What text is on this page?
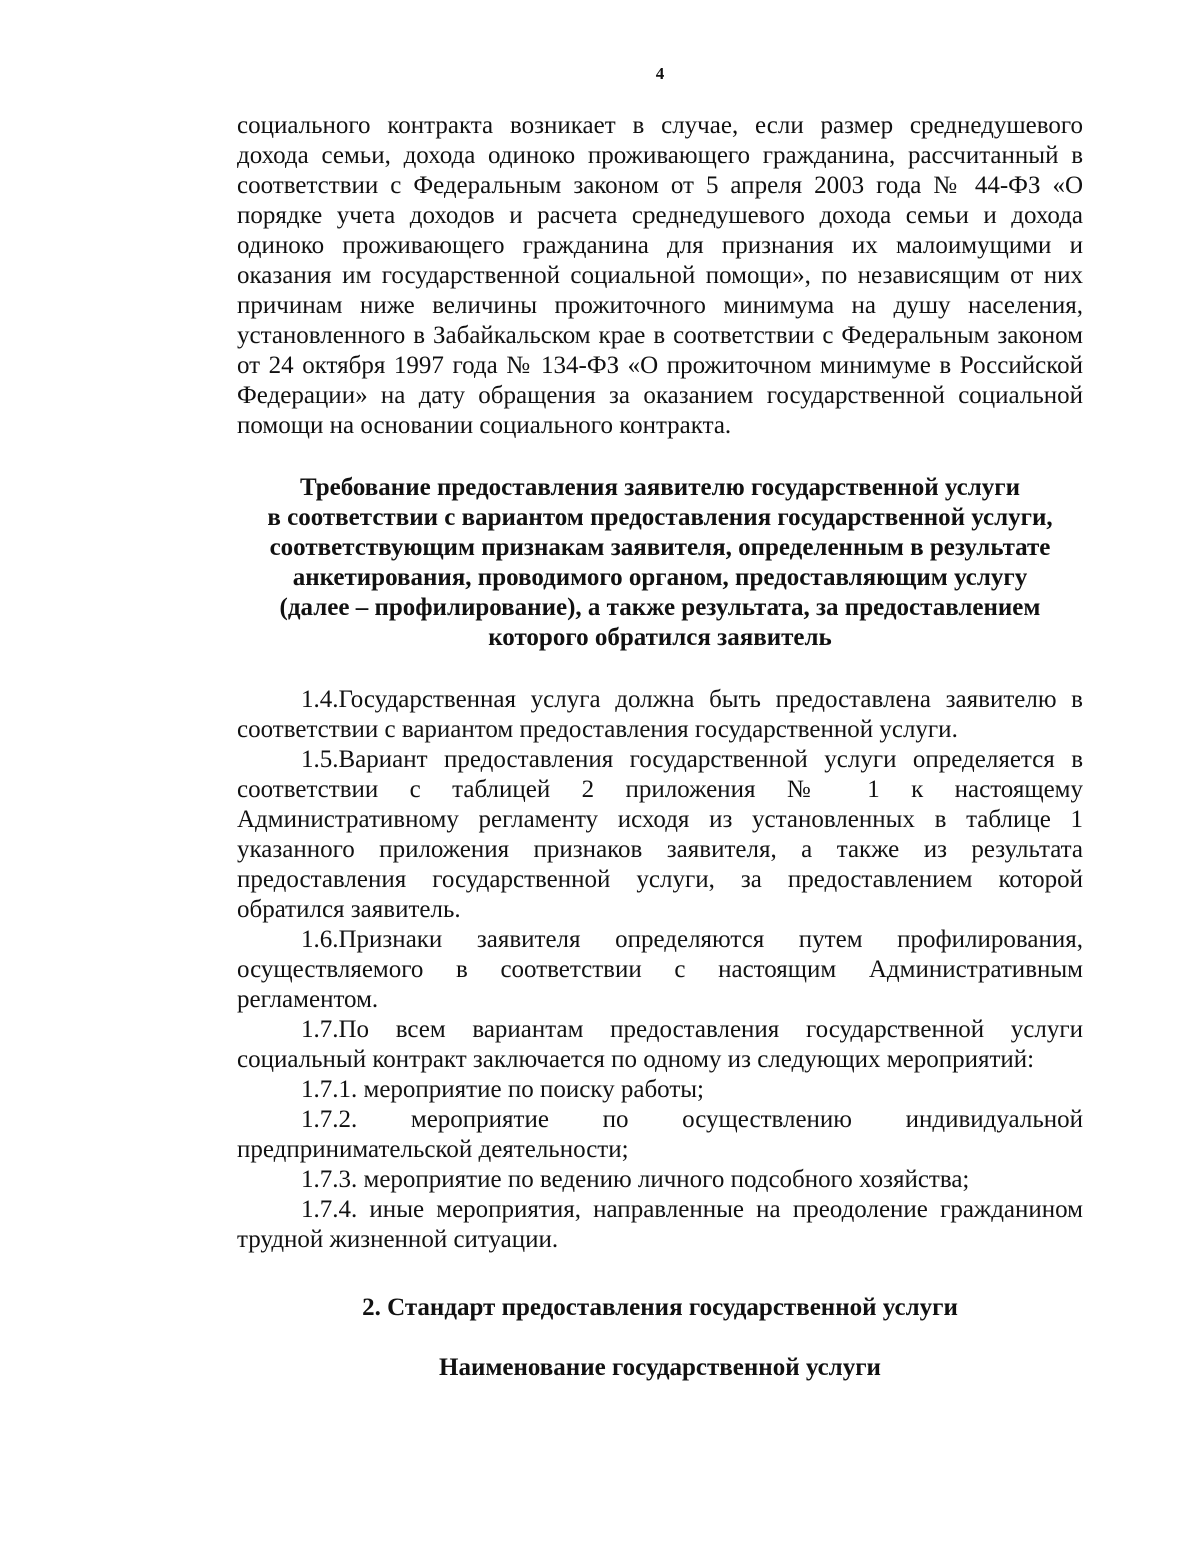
4

социального контракта возникает в случае, если размер среднедушевого дохода семьи, дохода одиноко проживающего гражданина, рассчитанный в соответствии с Федеральным законом от 5 апреля 2003 года № 44-ФЗ «О порядке учета доходов и расчета среднедушевого дохода семьи и дохода одиноко проживающего гражданина для признания их малоимущими и оказания им государственной социальной помощи», по независящим от них причинам ниже величины прожиточного минимума на душу населения, установленного в Забайкальском крае в соответствии с Федеральным законом от 24 октября 1997 года № 134-ФЗ «О прожиточном минимуме в Российской Федерации» на дату обращения за оказанием государственной социальной помощи на основании социального контракта.

Требование предоставления заявителю государственной услуги

в соответствии с вариантом предоставления государственной услуги,

соответствующим признакам заявителя, определенным в результате

анкетирования, проводимого органом, предоставляющим услугу

(далее – профилирование), а также результата, за предоставлением

которого обратился заявитель

1.4.Государственная услуга должна быть предоставлена заявителю в соответствии с вариантом предоставления государственной услуги.

1.5.Вариант предоставления государственной услуги определяется в соответствии с таблицей 2 приложения № 1 к настоящему Административному регламенту исходя из установленных в таблице 1 указанного приложения признаков заявителя, а также из результата предоставления государственной услуги, за предоставлением которой обратился заявитель.

1.6.Признаки заявителя определяются путем профилирования, осуществляемого в соответствии с настоящим Административным регламентом.

1.7.По всем вариантам предоставления государственной услуги социальный контракт заключается по одному из следующих мероприятий:

1.7.1. мероприятие по поиску работы;

1.7.2. мероприятие по осуществлению индивидуальной предпринимательской деятельности;

1.7.3. мероприятие по ведению личного подсобного хозяйства;

1.7.4. иные мероприятия, направленные на преодоление гражданином трудной жизненной ситуации.

2. Стандарт предоставления государственной услуги

Наименование государственной услуги
